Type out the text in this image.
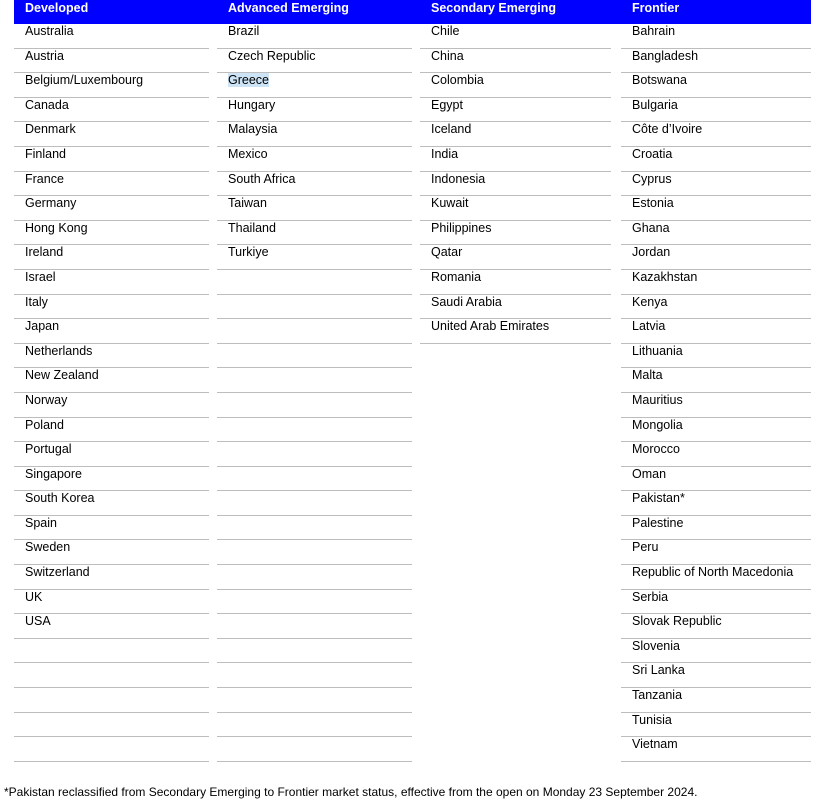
Developed
Australia
Austria
Belgium/Luxembourg
Canada
Denmark
Finland
France
Germany
Hong Kong
Ireland
Israel
Italy
Japan
Netherlands
New Zealand
Norway
Poland
Portugal
Singapore
South Korea
Spain
Sweden
Switzerland
UK
USA
Advanced Emerging
Brazil
Czech Republic
Greece
Hungary
Malaysia
Mexico
South Africa
Taiwan
Thailand
Turkiye
Secondary Emerging
Chile
China
Colombia
Egypt
Iceland
India
Indonesia
Kuwait
Philippines
Qatar
Romania
Saudi Arabia
United Arab Emirates
Frontier
Bahrain
Bangladesh
Botswana
Bulgaria
Côte d’Ivoire
Croatia
Cyprus
Estonia
Ghana
Jordan
Kazakhstan
Kenya
Latvia
Lithuania
Malta
Mauritius
Mongolia
Morocco
Oman
Pakistan*
Palestine
Peru
Republic of North Macedonia
Serbia
Slovak Republic
Slovenia
Sri Lanka
Tanzania
Tunisia
Vietnam
*Pakistan reclassified from Secondary Emerging to Frontier market status, effective from the open on Monday 23 September 2024.
